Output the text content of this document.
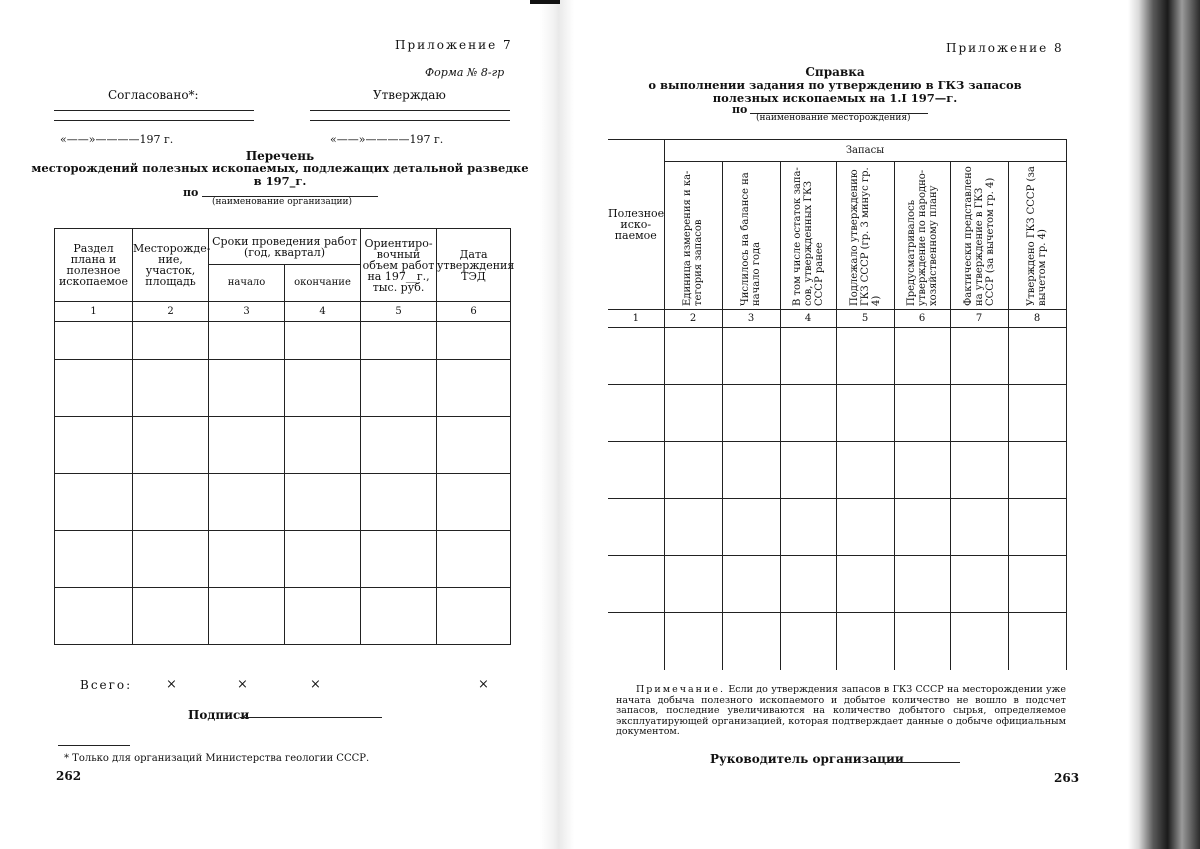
Приложение 7
Форма № 8-гр
Согласовано*:	Утверждаю
«——»————197 г.	«——»————197 г.
Перечень
месторождений полезных ископаемых, подлежащих детальной разведке
в 197_г.
по
(наименование организации)
Раздел плана и полезное ископаемое	Месторожде-ние, участок, площадь	Сроки проведения работ (год, квартал)		Ориентиро-вочный объем работ на 197__г., тыс. руб.	Дата утверждения ТЭД

		начало	окончание		
1	2	3	4	5	6

Всего:	×	×	×	×
Подписи
* Только для организаций Министерства геологии СССР.
262
Приложение 8
Справка
о выполнении задания по утверждению в ГКЗ запасов
полезных ископаемых на 1.I 197—г.
по
(наименование месторождения)
Полезное иско-паемое	Запасы						

	Единица измерения и ка-тегория запасов	Числилось на балансе на начало года	В том числе остаток запа-сов, утвержденных ГКЗ СССР ранее	Подлежало утверждению ГКЗ СССР (гр. 3 минус гр. 4)	Предусматривалось утверждение по народно-хозяйственному плану	Фактически представлено на утверждение в ГКЗ СССР (за вычетом гр. 4)	Утверждено ГКЗ СССР (за вычетом гр. 4)

1	2	3	4	5	6	7	8

Примечание. Если до утверждения запасов в ГКЗ СССР на месторождении уже начата добыча полезного ископаемого и добытое количество не вошло в подсчет запасов, последние увеличиваются на количество добытого сырья, определяемое эксплуатирующей организацией, которая подтверждает данные о добыче официальным документом.
Руководитель организации
263
